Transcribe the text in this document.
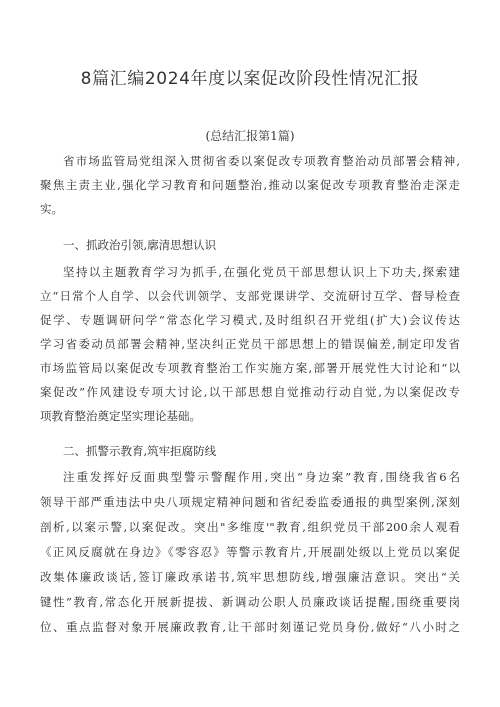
8篇汇编2024年度以案促改阶段性情况汇报
(总结汇报第1篇)
省市场监管局党组深入贯彻省委以案促改专项教育整治动员部署会精神,
聚焦主责主业,强化学习教育和问题整治,推动以案促改专项教育整治走深走
实。
一、抓政治引领,廓清思想认识
坚持以主题教育学习为抓手,在强化党员干部思想认识上下功夫,探索建
立“日常个人自学、以会代训领学、支部党课讲学、交流研讨互学、督导检查
促学、专题调研问学“常态化学习模式,及时组织召开党组(扩大)会议传达
学习省委动员部署会精神,坚决纠正党员干部思想上的错误偏差,制定印发省
市场监管局以案促改专项教育整治工作实施方案,部署开展党性大讨论和“以
案促改”作风建设专项大讨论,以干部思想自觉推动行动自觉,为以案促改专
项教育整治奠定坚实理论基础。
二、抓警示教育,筑牢拒腐防线
注重发挥好反面典型警示警醒作用,突出“身边案”教育,围绕我省6名
领导干部严重违法中央八项规定精神问题和省纪委监委通报的典型案例,深刻
剖析,以案示警,以案促改。突出"多维度'"教育,组织党员干部200余人观看
《正风反腐就在身边》《零容忍》等警示教育片,开展副处级以上党员以案促
改集体廉政谈话,签订廉政承诺书,筑牢思想防线,增强廉洁意识。突出“关
键性”教育,常态化开展新提拔、新调动公职人员廉政谈话提醒,围绕重要岗
位、重点监督对象开展廉政教育,让干部时刻谨记党员身份,做好“八小时之
